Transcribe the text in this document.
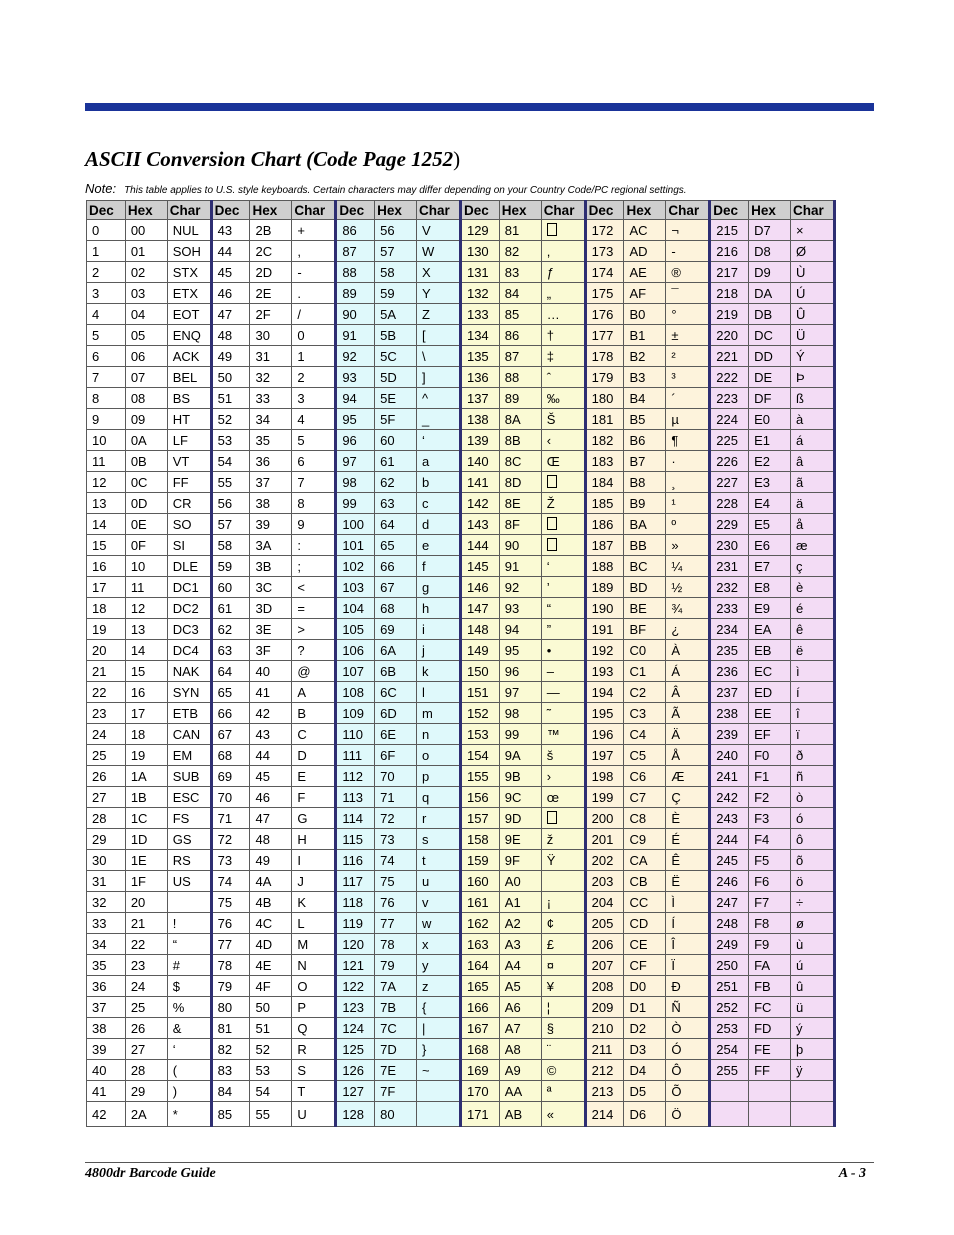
ASCII Conversion Chart (Code Page 1252)
Note: This table applies to U.S. style keyboards. Certain characters may differ depending on your Country Code/PC regional settings.
Dec	Hex	Char	Dec	Hex	Char	Dec	Hex	Char	Dec	Hex	Char	Dec	Hex	Char	Dec	Hex	Char
0	00	NUL	43	2B	+	86	56	V	129	81		172	AC	¬	215	D7	×
1	01	SOH	44	2C	,	87	57	W	130	82	,	173	AD	-	216	D8	Ø
2	02	STX	45	2D	-	88	58	X	131	83	ƒ	174	AE	®	217	D9	Ù
3	03	ETX	46	2E	.	89	59	Y	132	84	„	175	AF	¯	218	DA	Ú
4	04	EOT	47	2F	/	90	5A	Z	133	85	…	176	B0	°	219	DB	Û
5	05	ENQ	48	30	0	91	5B	[	134	86	†	177	B1	±	220	DC	Ü
6	06	ACK	49	31	1	92	5C	\	135	87	‡	178	B2	²	221	DD	Ý
7	07	BEL	50	32	2	93	5D	]	136	88	ˆ	179	B3	³	222	DE	Þ
8	08	BS	51	33	3	94	5E	^	137	89	‰	180	B4	´	223	DF	ß
9	09	HT	52	34	4	95	5F	_	138	8A	Š	181	B5	µ	224	E0	à
10	0A	LF	53	35	5	96	60	‘	139	8B	‹	182	B6	¶	225	E1	á
11	0B	VT	54	36	6	97	61	a	140	8C	Œ	183	B7	·	226	E2	â
12	0C	FF	55	37	7	98	62	b	141	8D		184	B8	¸	227	E3	ã
13	0D	CR	56	38	8	99	63	c	142	8E	Ž	185	B9	¹	228	E4	ä
14	0E	SO	57	39	9	100	64	d	143	8F		186	BA	º	229	E5	å
15	0F	SI	58	3A	:	101	65	e	144	90		187	BB	»	230	E6	æ
16	10	DLE	59	3B	;	102	66	f	145	91	‘	188	BC	¼	231	E7	ç
17	11	DC1	60	3C	<	103	67	g	146	92	’	189	BD	½	232	E8	è
18	12	DC2	61	3D	=	104	68	h	147	93	“	190	BE	¾	233	E9	é
19	13	DC3	62	3E	>	105	69	i	148	94	”	191	BF	¿	234	EA	ê
20	14	DC4	63	3F	?	106	6A	j	149	95	•	192	C0	À	235	EB	ë
21	15	NAK	64	40	@	107	6B	k	150	96	–	193	C1	Á	236	EC	ì
22	16	SYN	65	41	A	108	6C	l	151	97	—	194	C2	Â	237	ED	í
23	17	ETB	66	42	B	109	6D	m	152	98	˜	195	C3	Ã	238	EE	î
24	18	CAN	67	43	C	110	6E	n	153	99	™	196	C4	Ä	239	EF	ï
25	19	EM	68	44	D	111	6F	o	154	9A	š	197	C5	Å	240	F0	ð
26	1A	SUB	69	45	E	112	70	p	155	9B	›	198	C6	Æ	241	F1	ñ
27	1B	ESC	70	46	F	113	71	q	156	9C	œ	199	C7	Ç	242	F2	ò
28	1C	FS	71	47	G	114	72	r	157	9D		200	C8	È	243	F3	ó
29	1D	GS	72	48	H	115	73	s	158	9E	ž	201	C9	É	244	F4	ô
30	1E	RS	73	49	I	116	74	t	159	9F	Ÿ	202	CA	Ê	245	F5	õ
31	1F	US	74	4A	J	117	75	u	160	A0		203	CB	Ë	246	F6	ö
32	20		75	4B	K	118	76	v	161	A1	¡	204	CC	Ì	247	F7	÷
33	21	!	76	4C	L	119	77	w	162	A2	¢	205	CD	Í	248	F8	ø
34	22	“	77	4D	M	120	78	x	163	A3	£	206	CE	Î	249	F9	ù
35	23	#	78	4E	N	121	79	y	164	A4	¤	207	CF	Ï	250	FA	ú
36	24	$	79	4F	O	122	7A	z	165	A5	¥	208	D0	Ð	251	FB	û
37	25	%	80	50	P	123	7B	{	166	A6	¦	209	D1	Ñ	252	FC	ü
38	26	&	81	51	Q	124	7C	|	167	A7	§	210	D2	Ò	253	FD	ý
39	27	‘	82	52	R	125	7D	}	168	A8	¨	211	D3	Ó	254	FE	þ
40	28	(	83	53	S	126	7E	~	169	A9	©	212	D4	Ô	255	FF	ÿ
41	29	)	84	54	T	127	7F		170	AA	ª	213	D5	Õ			
42	2A	*	85	55	U	128	80		171	AB	«	214	D6	Ö			
4800dr Barcode Guide	A - 3
